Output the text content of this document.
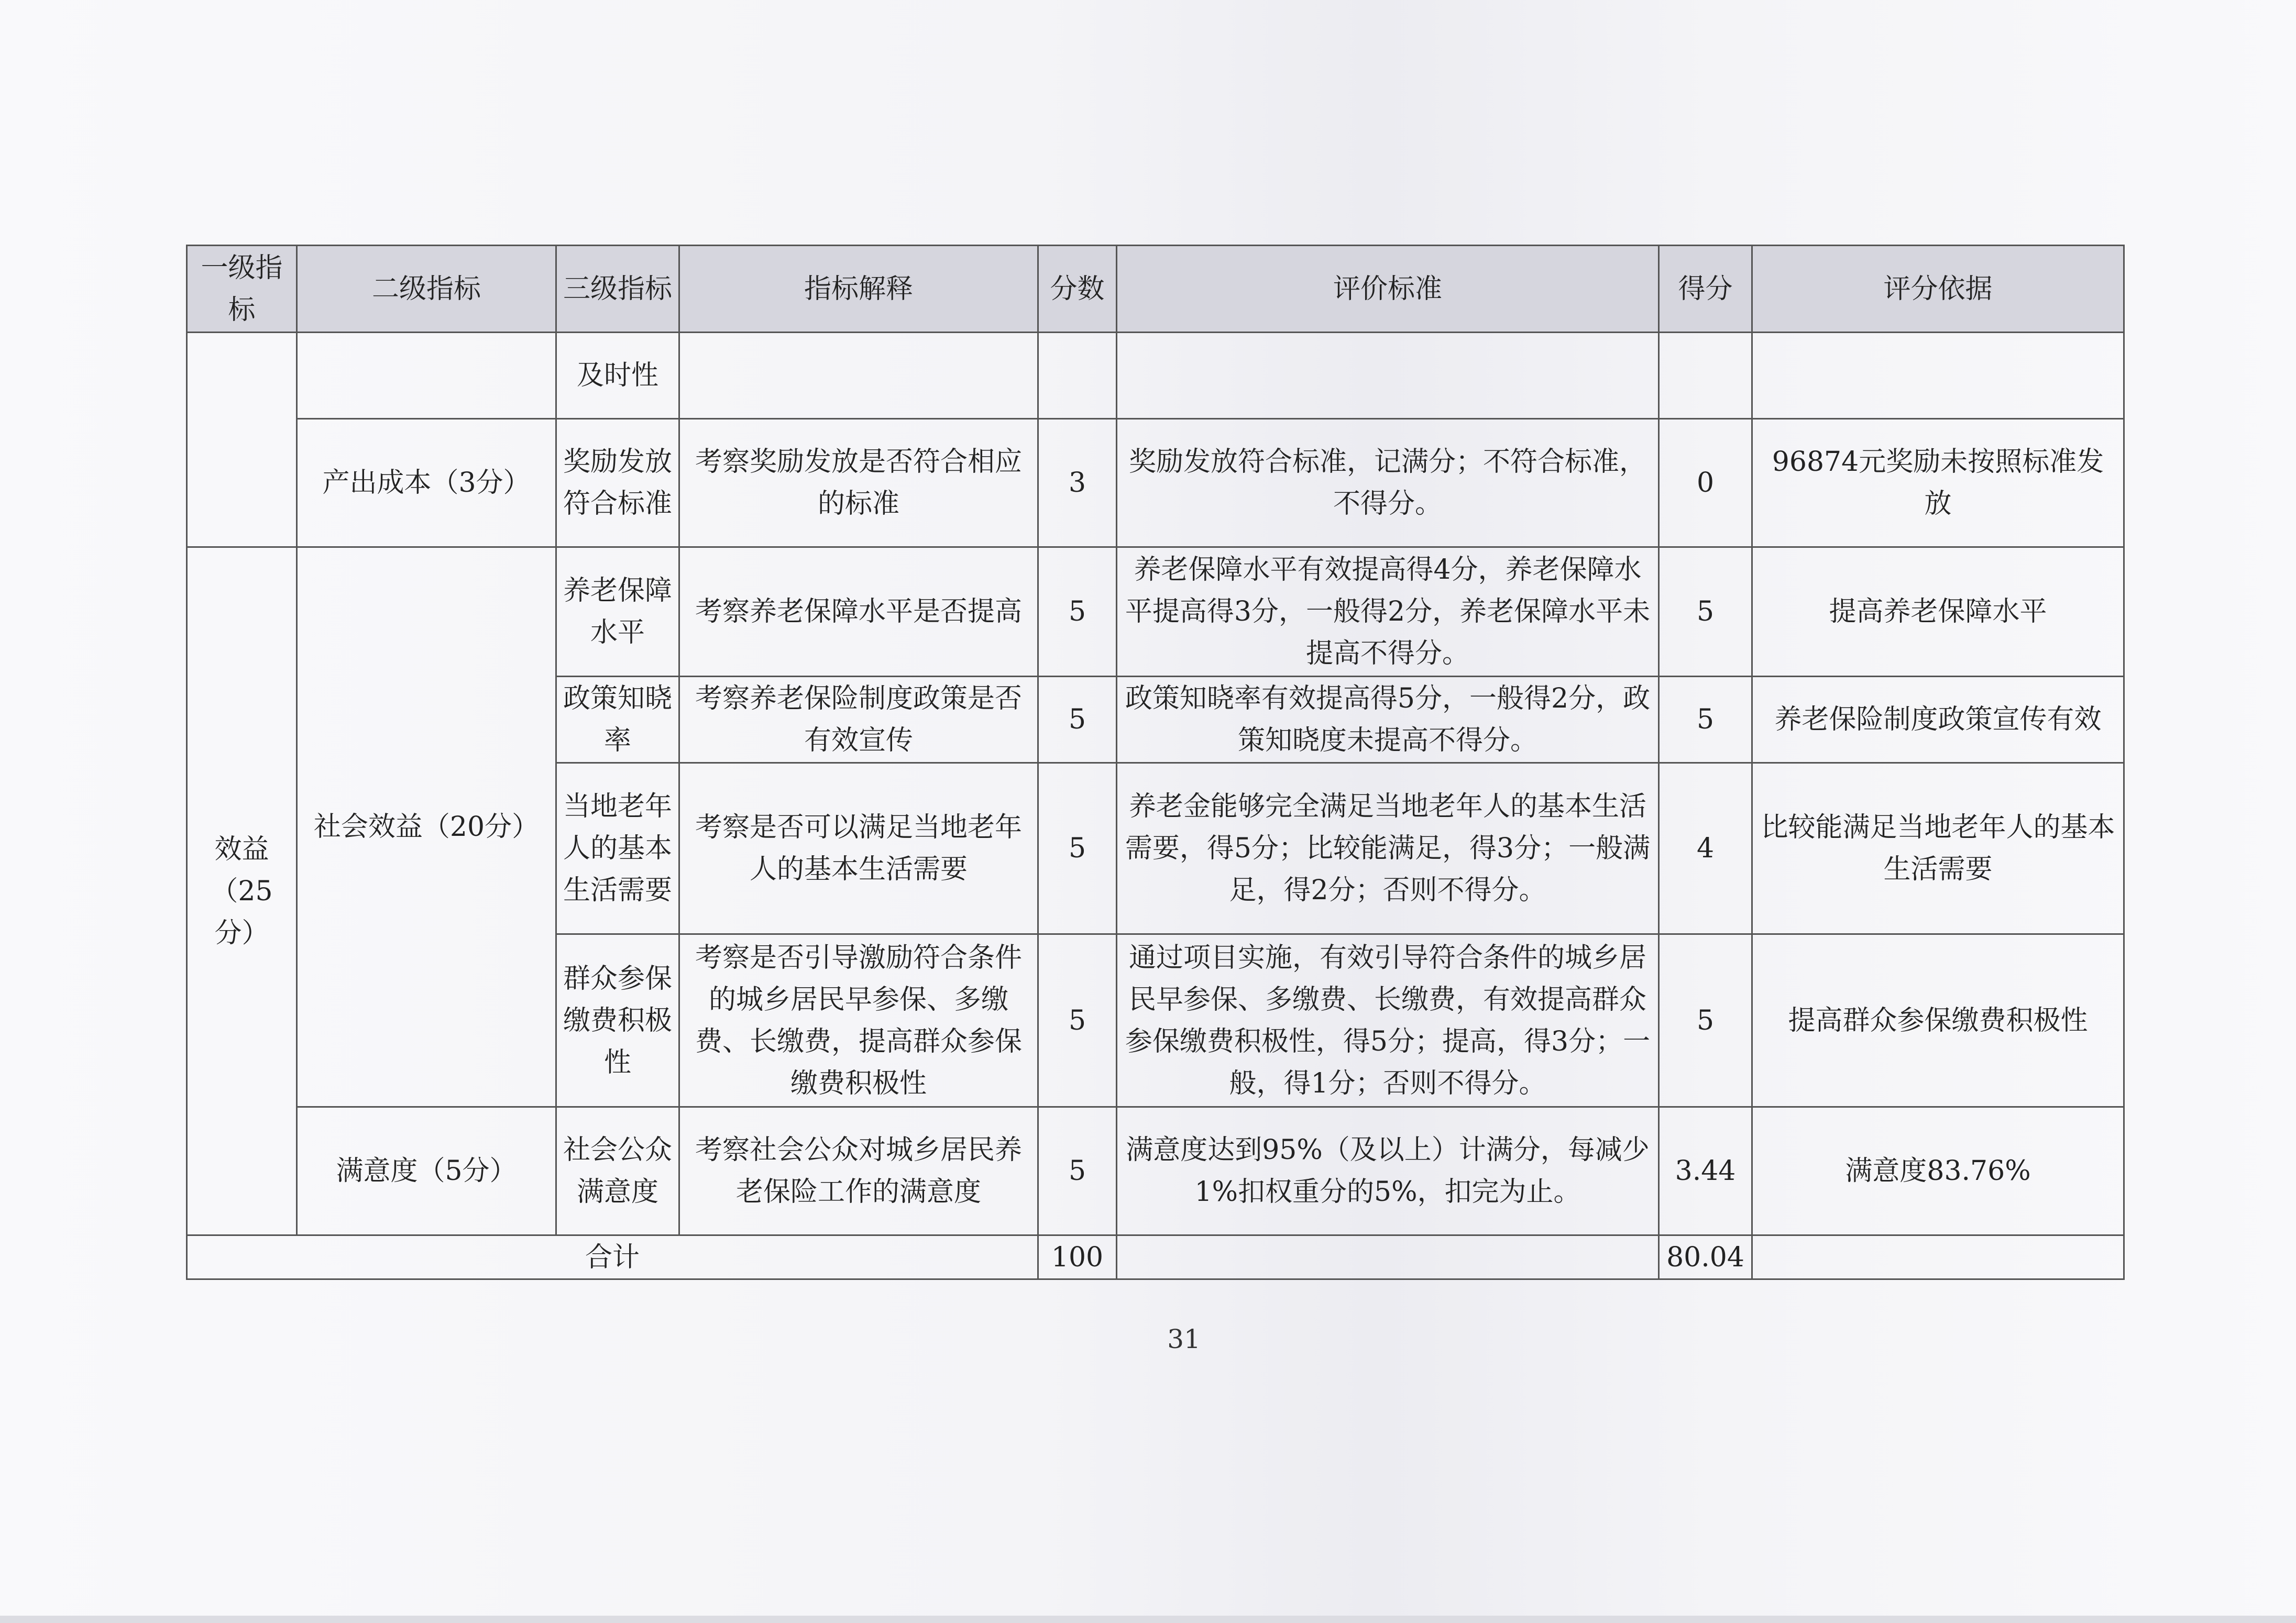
一级指标	二级指标	三级指标	指标解释	分数	评价标准	得分	评分依据
		及时性					
	产出成本（3分）	奖励发放符合标准	考察奖励发放是否符合相应的标准	3	奖励发放符合标准，记满分；不符合标准，不得分。	0	96874元奖励未按照标准发放
效益（25分）	社会效益（20分）	养老保障水平	考察养老保障水平是否提高	5	养老保障水平有效提高得4分，养老保障水平提高得3分，一般得2分，养老保障水平未提高不得分。	5	提高养老保障水平
		政策知晓率	考察养老保险制度政策是否有效宣传	5	政策知晓率有效提高得5分，一般得2分，政策知晓度未提高不得分。	5	养老保险制度政策宣传有效
		当地老年人的基本生活需要	考察是否可以满足当地老年人的基本生活需要	5	养老金能够完全满足当地老年人的基本生活需要，得5分；比较能满足，得3分；一般满足，得2分；否则不得分。	4	比较能满足当地老年人的基本生活需要
		群众参保缴费积极性	考察是否引导激励符合条件的城乡居民早参保、多缴费、长缴费，提高群众参保缴费积极性	5	通过项目实施，有效引导符合条件的城乡居民早参保、多缴费、长缴费，有效提高群众参保缴费积极性，得5分；提高，得3分；一般，得1分；否则不得分。	5	提高群众参保缴费积极性
	满意度（5分）	社会公众满意度	考察社会公众对城乡居民养老保险工作的满意度	5	满意度达到95%（及以上）计满分，每减少1%扣权重分的5%，扣完为止。	3.44	满意度83.76%
合计				100		80.04	
31
